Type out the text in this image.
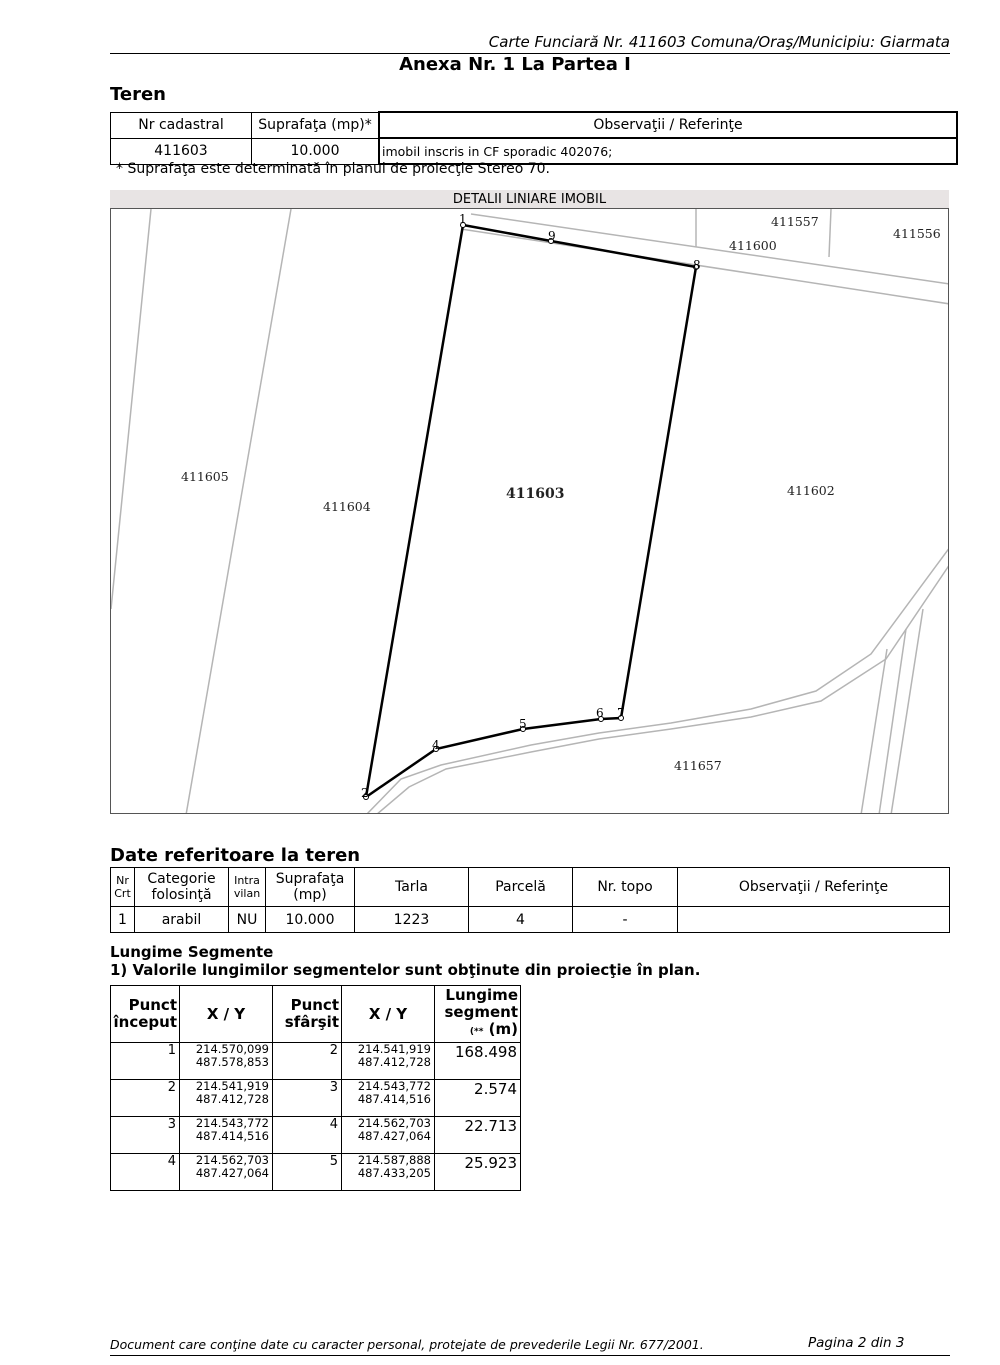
Carte Funciară Nr. 411603 Comuna/Oraş/Municipiu: Giarmata
Anexa Nr. 1 La Partea I
Teren
Nr cadastral	Suprafaţa (mp)*	Observaţii / Referinţe
411603	10.000	imobil inscris in CF sporadic 402076;
* Suprafaţa este determinată în planul de proiecţie Stereo 70.
DETALII LINIARE IMOBIL
1
2
4
5
6 7
8
9
411557
411556
411600
411605
411604
411603	411602
411657
Date referitoare la teren
Nr Crt	Categorie folosinţă	Intra vilan	Suprafaţa (mp)	Tarla	Parcelă	Nr. topo	Observaţii / Referinţe
1	arabil	NU	10.000	1223	4	-	
Lungime Segmente
1) Valorile lungimilor segmentelor sunt obţinute din proiecţie în plan.
Punct început	X / Y	Punct sfârşit	X / Y	Lungime segment
(** (m)
1	214.570,099
487.578,853	2	214.541,919
487.412,728	168.498
2	214.541,919
487.412,728	3	214.543,772
487.414,516	2.574
3	214.543,772
487.414,516	4	214.562,703
487.427,064	22.713
4	214.562,703
487.427,064	5	214.587,888
487.433,205	25.923
Document care conţine date cu caracter personal, protejate de prevederile Legii Nr. 677/2001.	Pagina 2 din 3
